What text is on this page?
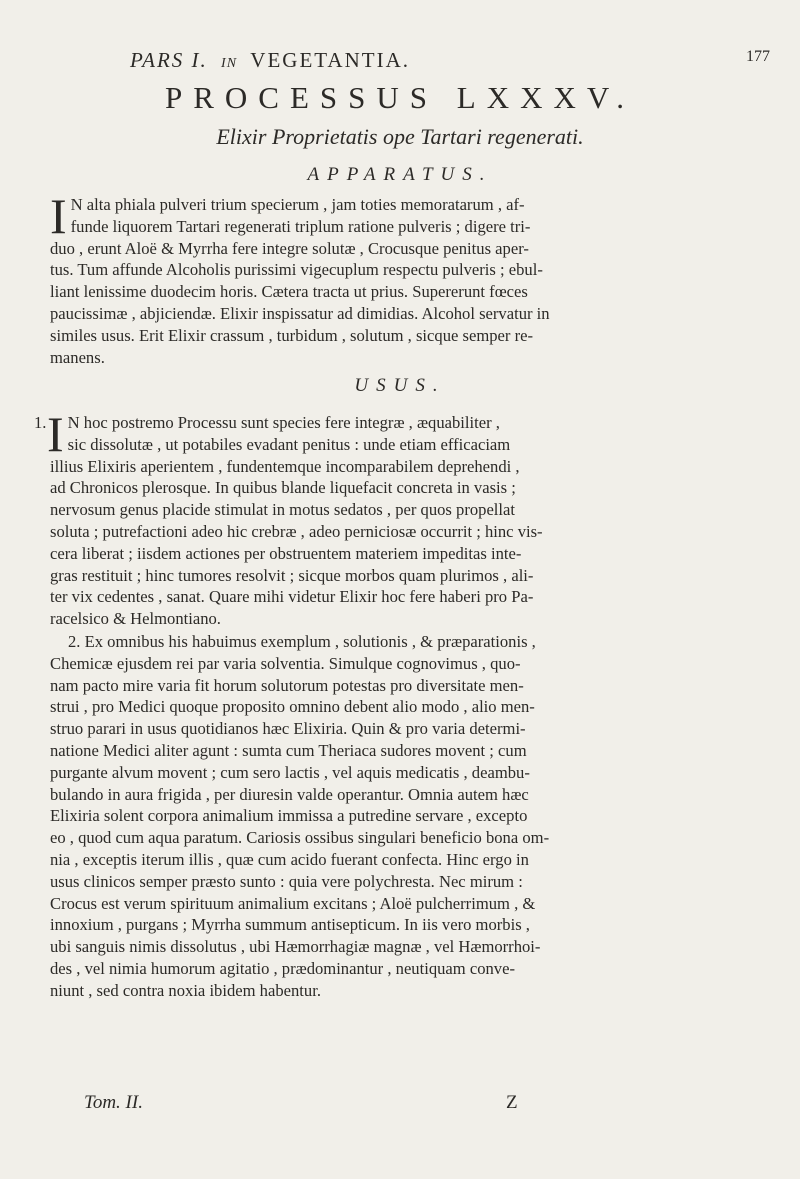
PARS I. IN VEGETANTIA.	177
PROCESSUS LXXXV.
Elixir Proprietatis ope Tartari regenerati.
APPARATUS.
I N alta phiala pulveri trium specierum , jam toties memoratarum , af-
funde liquorem Tartari regenerati triplum ratione pulveris ; digere tri-
duo , erunt Aloë & Myrrha fere integre solutæ , Crocusque penitus aper-
tus. Tum affunde Alcoholis purissimi vigecuplum respectu pulveris ; ebul-
liant lenissime duodecim horis. Cætera tracta ut prius. Supererunt fœces
paucissimæ , abjiciendæ. Elixir inspissatur ad dimidias. Alcohol servatur in
similes usus. Erit Elixir crassum , turbidum , solutum , sicque semper re-
manens.
USUS.
1. I N hoc postremo Processu sunt species fere integræ , æquabiliter ,
sic dissolutæ , ut potabiles evadant penitus : unde etiam efficaciam
illius Elixiris aperientem , fundentemque incomparabilem deprehendi ,
ad Chronicos plerosque. In quibus blande liquefacit concreta in vasis ;
nervosum genus placide stimulat in motus sedatos , per quos propellat
soluta ; putrefactioni adeo hic crebræ , adeo perniciosæ occurrit ; hinc vis-
cera liberat ; iisdem actiones per obstruentem materiem impeditas inte-
gras restituit ; hinc tumores resolvit ; sicque morbos quam plurimos , ali-
ter vix cedentes , sanat. Quare mihi videtur Elixir hoc fere haberi pro Pa-
racelsico & Helmontiano.
2. Ex omnibus his habuimus exemplum , solutionis , & præparationis ,
Chemicæ ejusdem rei par varia solventia. Simulque cognovimus , quo-
nam pacto mire varia fit horum solutorum potestas pro diversitate men-
strui , pro Medici quoque proposito omnino debent alio modo , alio men-
struo parari in usus quotidianos hæc Elixiria. Quin & pro varia determi-
natione Medici aliter agunt : sumta cum Theriaca sudores movent ; cum
purgante alvum movent ; cum sero lactis , vel aquis medicatis , deambu-
bulando in aura frigida , per diuresin valde operantur. Omnia autem hæc
Elixiria solent corpora animalium immissa a putredine servare , excepto
eo , quod cum aqua paratum. Cariosis ossibus singulari beneficio bona om-
nia , exceptis iterum illis , quæ cum acido fuerant confecta. Hinc ergo in
usus clinicos semper præsto sunto : quia vere polychresta. Nec mirum :
Crocus est verum spirituum animalium excitans ; Aloë pulcherrimum , &
innoxium , purgans ; Myrrha summum antisepticum. In iis vero morbis ,
ubi sanguis nimis dissolutus , ubi Hæmorrhagiæ magnæ , vel Hæmorrhoi-
des , vel nimia humorum agitatio , prædominantur , neutiquam conve-
niunt , sed contra noxia ibidem habentur.
Tom. II.	Z
